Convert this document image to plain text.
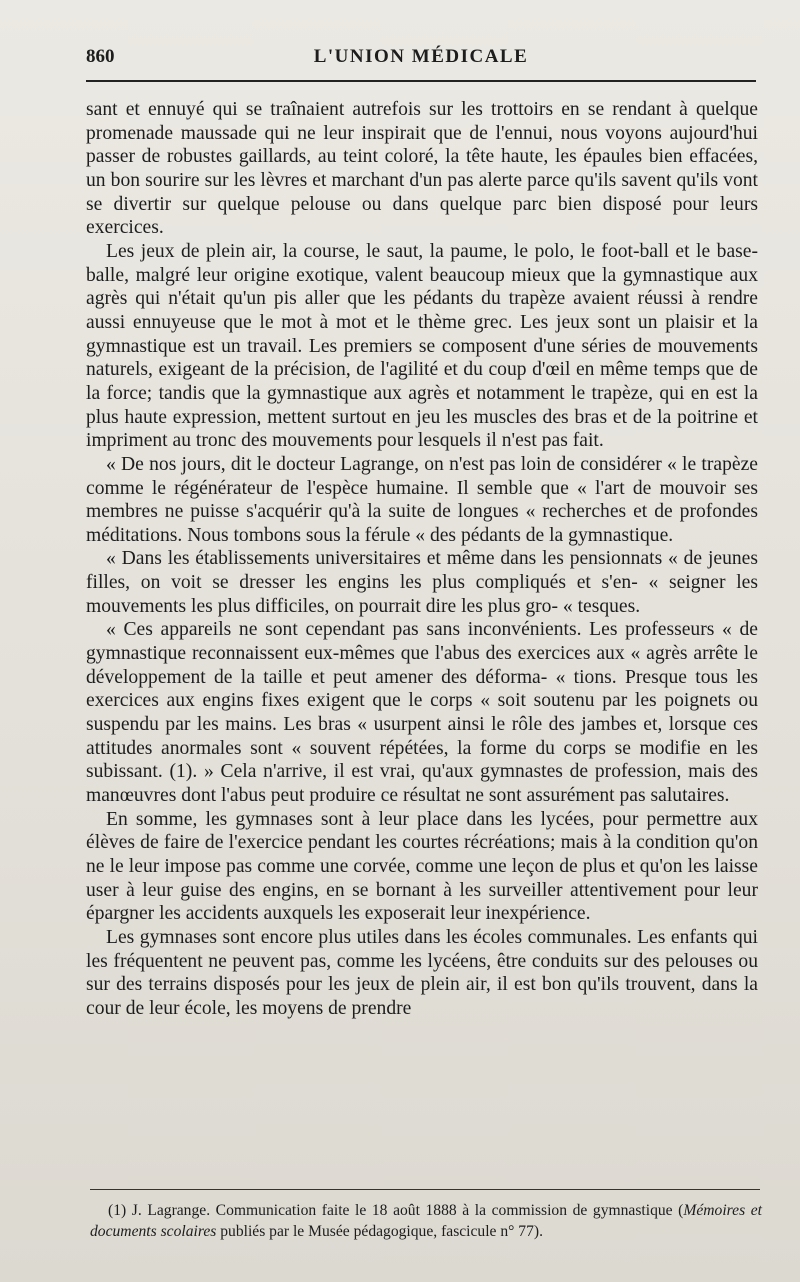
860	L'UNION MÉDICALE

sant et ennuyé qui se traînaient autrefois sur les trottoirs en se rendant à quelque promenade maussade qui ne leur inspirait que de l'ennui, nous voyons aujourd'hui passer de robustes gaillards, au teint coloré, la tête haute, les épaules bien effacées, un bon sourire sur les lèvres et marchant d'un pas alerte parce qu'ils savent qu'ils vont se divertir sur quelque pelouse ou dans quelque parc bien disposé pour leurs exercices.

Les jeux de plein air, la course, le saut, la paume, le polo, le foot-ball et le base-balle, malgré leur origine exotique, valent beaucoup mieux que la gymnastique aux agrès qui n'était qu'un pis aller que les pédants du trapèze avaient réussi à rendre aussi ennuyeuse que le mot à mot et le thème grec. Les jeux sont un plaisir et la gymnastique est un travail. Les premiers se composent d'une séries de mouvements naturels, exigeant de la précision, de l'agilité et du coup d'œil en même temps que de la force; tandis que la gymnastique aux agrès et notamment le trapèze, qui en est la plus haute expression, mettent surtout en jeu les muscles des bras et de la poitrine et impriment au tronc des mouvements pour lesquels il n'est pas fait.

« De nos jours, dit le docteur Lagrange, on n'est pas loin de considérer « le trapèze comme le régénérateur de l'espèce humaine. Il semble que « l'art de mouvoir ses membres ne puisse s'acquérir qu'à la suite de longues « recherches et de profondes méditations. Nous tombons sous la férule « des pédants de la gymnastique.

« Dans les établissements universitaires et même dans les pensionnats « de jeunes filles, on voit se dresser les engins les plus compliqués et s'en- « seigner les mouvements les plus difficiles, on pourrait dire les plus gro- « tesques.

« Ces appareils ne sont cependant pas sans inconvénients. Les professeurs « de gymnastique reconnaissent eux-mêmes que l'abus des exercices aux « agrès arrête le développement de la taille et peut amener des déforma- « tions. Presque tous les exercices aux engins fixes exigent que le corps « soit soutenu par les poignets ou suspendu par les mains. Les bras « usurpent ainsi le rôle des jambes et, lorsque ces attitudes anormales sont « souvent répétées, la forme du corps se modifie en les subissant. (1). » Cela n'arrive, il est vrai, qu'aux gymnastes de profession, mais des manœuvres dont l'abus peut produire ce résultat ne sont assurément pas salutaires.

En somme, les gymnases sont à leur place dans les lycées, pour permettre aux élèves de faire de l'exercice pendant les courtes récréations; mais à la condition qu'on ne le leur impose pas comme une corvée, comme une leçon de plus et qu'on les laisse user à leur guise des engins, en se bornant à les surveiller attentivement pour leur épargner les accidents auxquels les exposerait leur inexpérience.

Les gymnases sont encore plus utiles dans les écoles communales. Les enfants qui les fréquentent ne peuvent pas, comme les lycéens, être conduits sur des pelouses ou sur des terrains disposés pour les jeux de plein air, il est bon qu'ils trouvent, dans la cour de leur école, les moyens de prendre

(1) J. Lagrange. Communication faite le 18 août 1888 à la commission de gymnastique (Mémoires et documents scolaires publiés par le Musée pédagogique, fascicule n° 77).
